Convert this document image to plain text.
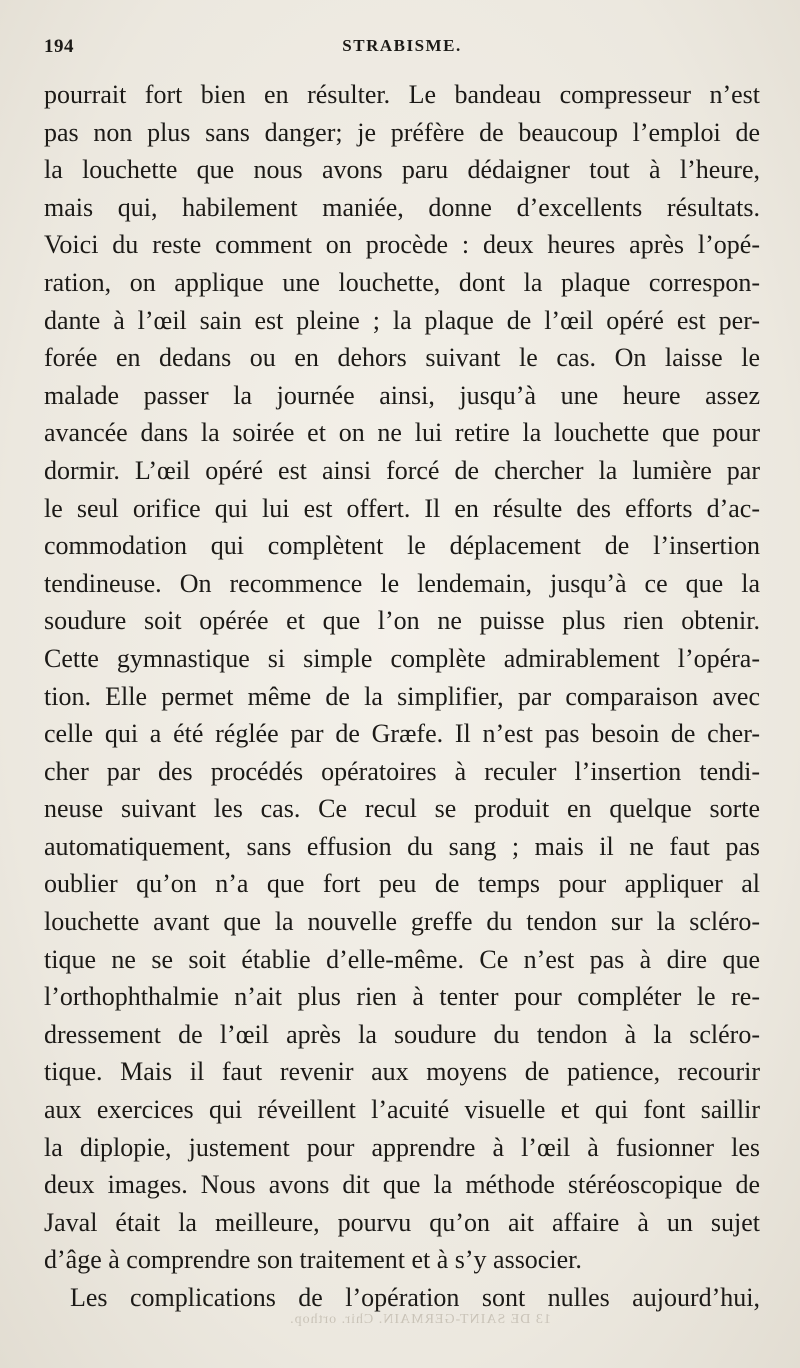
194	STRABISME.
pourrait fort bien en résulter. Le bandeau compresseur n’est
pas non plus sans danger; je préfère de beaucoup l’emploi de
la louchette que nous avons paru dédaigner tout à l’heure,
mais qui, habilement maniée, donne d’excellents résultats.
Voici du reste comment on procède : deux heures après l’opé-
ration, on applique une louchette, dont la plaque correspon-
dante à l’œil sain est pleine ; la plaque de l’œil opéré est per-
forée en dedans ou en dehors suivant le cas. On laisse le
malade passer la journée ainsi, jusqu’à une heure assez
avancée dans la soirée et on ne lui retire la louchette que pour
dormir. L’œil opéré est ainsi forcé de chercher la lumière par
le seul orifice qui lui est offert. Il en résulte des efforts d’ac-
commodation qui complètent le déplacement de l’insertion
tendineuse. On recommence le lendemain, jusqu’à ce que la
soudure soit opérée et que l’on ne puisse plus rien obtenir.
Cette gymnastique si simple complète admirablement l’opéra-
tion. Elle permet même de la simplifier, par comparaison avec
celle qui a été réglée par de Græfe. Il n’est pas besoin de cher-
cher par des procédés opératoires à reculer l’insertion tendi-
neuse suivant les cas. Ce recul se produit en quelque sorte
automatiquement, sans effusion du sang ; mais il ne faut pas
oublier qu’on n’a que fort peu de temps pour appliquer al
louchette avant que la nouvelle greffe du tendon sur la scléro-
tique ne se soit établie d’elle-même. Ce n’est pas à dire que
l’orthophthalmie n’ait plus rien à tenter pour compléter le re-
dressement de l’œil après la soudure du tendon à la scléro-
tique. Mais il faut revenir aux moyens de patience, recourir
aux exercices qui réveillent l’acuité visuelle et qui font saillir
la diplopie, justement pour apprendre à l’œil à fusionner les
deux images. Nous avons dit que la méthode stéréoscopique de
Javal était la meilleure, pourvu qu’on ait affaire à un sujet
d’âge à comprendre son traitement et à s’y associer.
Les complications de l’opération sont nulles aujourd’hui,
13 DE SAINT-GERMAIN. Chir. orthop.
